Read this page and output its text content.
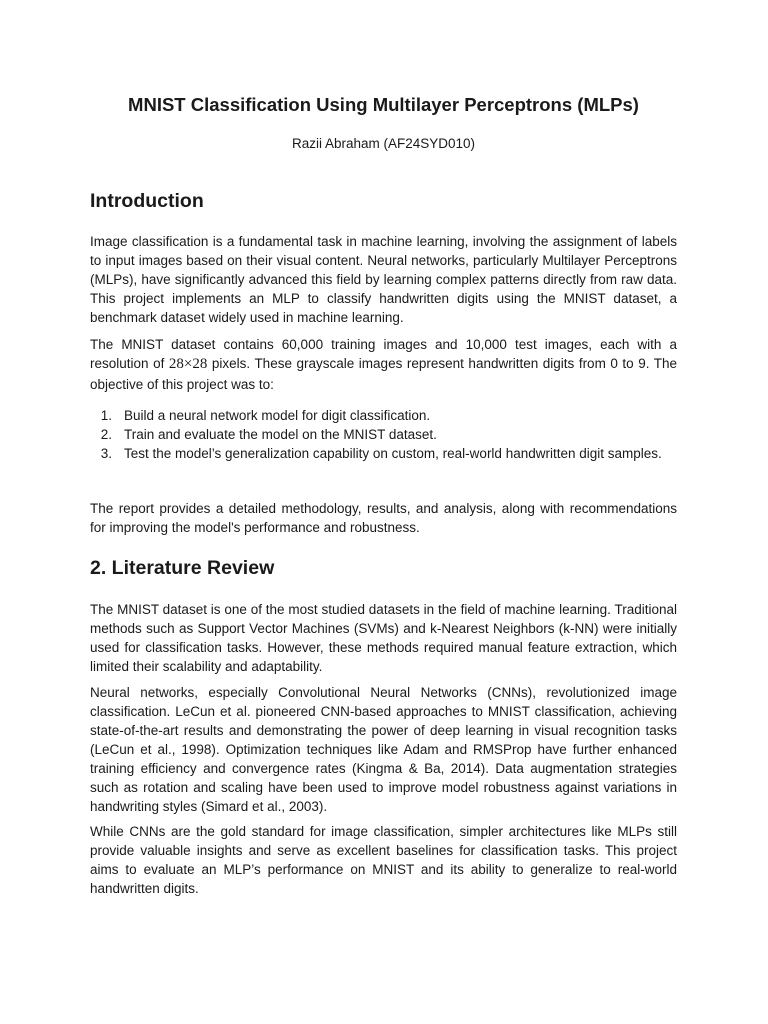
MNIST Classification Using Multilayer Perceptrons (MLPs)
Razii Abraham (AF24SYD010)
Introduction

Image classification is a fundamental task in machine learning, involving the assignment of labels to input images based on their visual content. Neural networks, particularly Multilayer Perceptrons (MLPs), have significantly advanced this field by learning complex patterns directly from raw data. This project implements an MLP to classify handwritten digits using the MNIST dataset, a benchmark dataset widely used in machine learning.

The MNIST dataset contains 60,000 training images and 10,000 test images, each with a resolution of 28×28 pixels. These grayscale images represent handwritten digits from 0 to 9. The objective of this project was to:

1. Build a neural network model for digit classification.
2. Train and evaluate the model on the MNIST dataset.
3. Test the model’s generalization capability on custom, real-world handwritten digit samples.

The report provides a detailed methodology, results, and analysis, along with recommendations for improving the model's performance and robustness.

2. Literature Review

The MNIST dataset is one of the most studied datasets in the field of machine learning. Traditional methods such as Support Vector Machines (SVMs) and k-Nearest Neighbors (k-NN) were initially used for classification tasks. However, these methods required manual feature extraction, which limited their scalability and adaptability.

Neural networks, especially Convolutional Neural Networks (CNNs), revolutionized image classification. LeCun et al. pioneered CNN-based approaches to MNIST classification, achieving state-of-the-art results and demonstrating the power of deep learning in visual recognition tasks (LeCun et al., 1998). Optimization techniques like Adam and RMSProp have further enhanced training efficiency and convergence rates (Kingma & Ba, 2014). Data augmentation strategies such as rotation and scaling have been used to improve model robustness against variations in handwriting styles (Simard et al., 2003).

While CNNs are the gold standard for image classification, simpler architectures like MLPs still provide valuable insights and serve as excellent baselines for classification tasks. This project aims to evaluate an MLP’s performance on MNIST and its ability to generalize to real-world handwritten digits.
